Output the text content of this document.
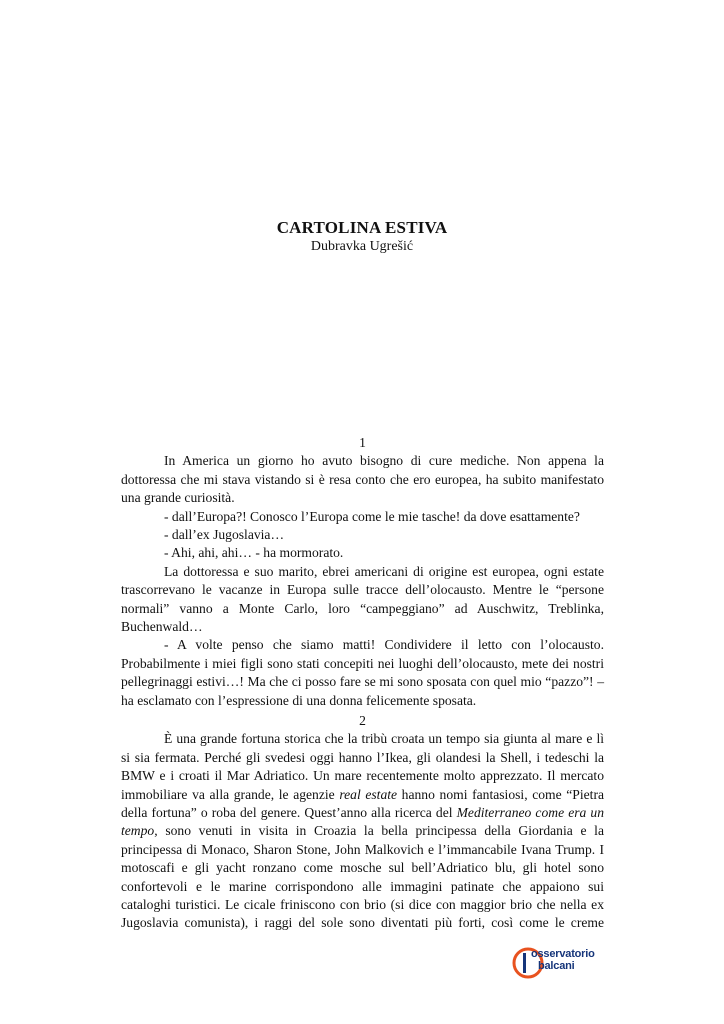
CARTOLINA ESTIVA
Dubravka Ugrešić

1

In America un giorno ho avuto bisogno di cure mediche. Non appena la dottoressa che mi stava vistando si è resa conto che ero europea, ha subito manifestato una grande curiosità.

- dall’Europa?! Conosco l’Europa come le mie tasche! da dove esattamente?

- dall’ex Jugoslavia…

- Ahi, ahi, ahi… - ha mormorato.

La dottoressa e suo marito, ebrei americani di origine est europea, ogni estate trascorrevano le vacanze in Europa sulle tracce dell’olocausto. Mentre le “persone normali” vanno a Monte Carlo, loro “campeggiano” ad Auschwitz, Treblinka, Buchenwald…

- A volte penso che siamo matti! Condividere il letto con l’olocausto. Probabilmente i miei figli sono stati concepiti nei luoghi dell’olocausto, mete dei nostri pellegrinaggi estivi…! Ma che ci posso fare se mi sono sposata con quel mio “pazzo”! – ha esclamato con l’espressione di una donna felicemente sposata.

2

È una grande fortuna storica che la tribù croata un tempo sia giunta al mare e lì si sia fermata. Perché gli svedesi oggi hanno l’Ikea, gli olandesi la Shell, i tedeschi la BMW e i croati il Mar Adriatico. Un mare recentemente molto apprezzato. Il mercato immobiliare va alla grande, le agenzie real estate hanno nomi fantasiosi, come “Pietra della fortuna” o roba del genere. Quest’anno alla ricerca del Mediterraneo come era un tempo, sono venuti in visita in Croazia la bella principessa della Giordania e la principessa di Monaco, Sharon Stone, John Malkovich e l’immancabile Ivana Trump. I motoscafi e gli yacht ronzano come mosche sul bell’Adriatico blu, gli hotel sono confortevoli e le marine corrispondono alle immagini patinate che appaiono sui cataloghi turistici. Le cicale friniscono con brio (si dice con maggior brio che nella ex Jugoslavia comunista), i raggi del sole sono diventati più forti, così come le creme

osservatorio
balcani
